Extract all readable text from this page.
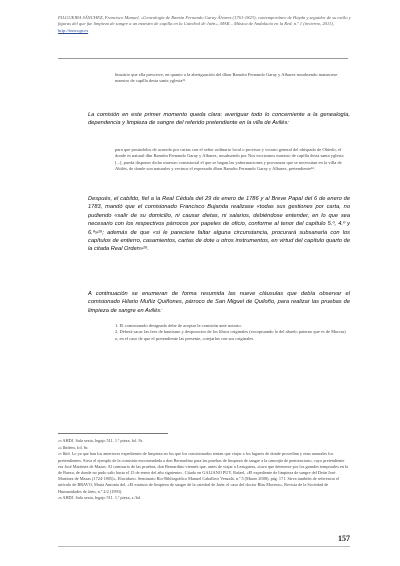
FILGUEIRA SÁNCHEZ, Francisco Manuel, «Genealogía de Ramón Fernando Garay Álvarez (1761-1823), contemporáneo de Haydn y seguidor de su estilo y figuras del que fue limpieza de sangre a un maestro de capilla en la Catedral de Jaén», MAR – Música de Andalucía en la Red, n.º 1 (invierno, 2011), http://mar.ugr.es
hinsitrio que ella prescrive, en quanto a la aberiguación del dhon Ramóin Fernando Garay y Albarez nosabsendo maisnoese maestro de capilla desta santa yglesia²¹.
La comisión en este primer momento queda clara: averiguar todo lo concerniente a la genealogía, dependencia y limpieza de sangre del referido pretendiente en la villa de Avilés:
para que posásdolos de acuerdo por cartas con el señor ordinario local o provisor y vicario general del obispado de Obiedo, el donde es natural dhn Ramóin Fernando Garay y Albarez, nosabsendo por Nos escrizanos maestro de capilla desta santa yglesia [...], pueda disponer dicho maestro consistorial el que se hagan las yañormaciones y provanzas que se necessitan en la villa de Abilés, de donde son naturales y vecinos el expresado dhon Ramóin Fernando Garay y Albarez, pretendiente²⁴.
Después, el cabildo, fiel a la Real Cédula del 29 de enero de 1786 y al Breve Papal del 6 de enero de 1783, mandó que el comisionado Francisco Bujanda realizase «todas sus gestiones por carta, no pudiendo «salir de su domicilio, ni causar dietas, ni salarios, debiéndose entender, en lo que sea necesario con los respectivos párrocos por papeles de oficio, conforme al tenor del capítulo 5.º, 4.º y 6.º»²⁵; además de que «si le pareciere faltar alguna circunstancia, procurará subsanarla con los capítulos de entierro, casamientos, cartas de dote u otros instrumentos, en virtud del capítulo quarto de la citada Real Orden»²⁶.
A continuación se enumeran de forma resumida las nueve cláusulas que debía observar el comisionado Hilario Muñiz Quiñones, párroco de San Miguel de Quiloño, para realizar las pruebas de limpieza de sangre en Avilés:
1. El comisionado designado debe de aceptar la comisión ante notario.
2. Deberá sacar las fees de bautismo y desposorios de los libros originales (exceptuando la del abuelo paterno que es de Murcia) o, en el caso de que el pretendiente las presente, cotejarlas con sus originales.

$^{23}$ AHDJ. Sala sexta, legajo 511. 1.ª pieza, fol. 8r.

$^{24}$ Ibídem, fol. 6r.

$^{25}$ Ibíd. Lo ya que han los anteriores expedientes de limpieza en los que los comisionados tenían que viajar a los lugares de donde procedían y eran naturales los pretendientes. Sirva el ejemplo de la comisión encomendada a don Bernardino para las pruebas de limpieza de sangre a la canonjía de penitenciario, cuyo pretendiente era José Martínez de Mazas. Al comisario de las pruebas, don Bernardino viennés que, antes de viajar a Lezuguera, «tuvo que detenerse por los grandes temporales en la de Baeza, de donde no pudo salir hasta el 15 de enero del año siguiente». Citado en GALIANO PUY, Rafael, «El expediente de limpieza de sangre del Deán José Martínez de Mazas (1724-1805)», Elucidario. Seminario Bio-Bibliográfico Manuel Caballero Venzalá, n.º 5 (Marzo 2008), pág. 171. Sirva también de referencia el artículo de BRAVO, María Antonia del, «El estatuto de limpieza de sangre de la catedral de Jaén: el caso del doctor Blas Moreno», Revista de la Sociedad de Humanidades de Jaén, n.º 2/2 (1993).

$^{26}$ AHDJ. Sala sexta, legajo 511. 1.ª pieza, s./fol.

157
